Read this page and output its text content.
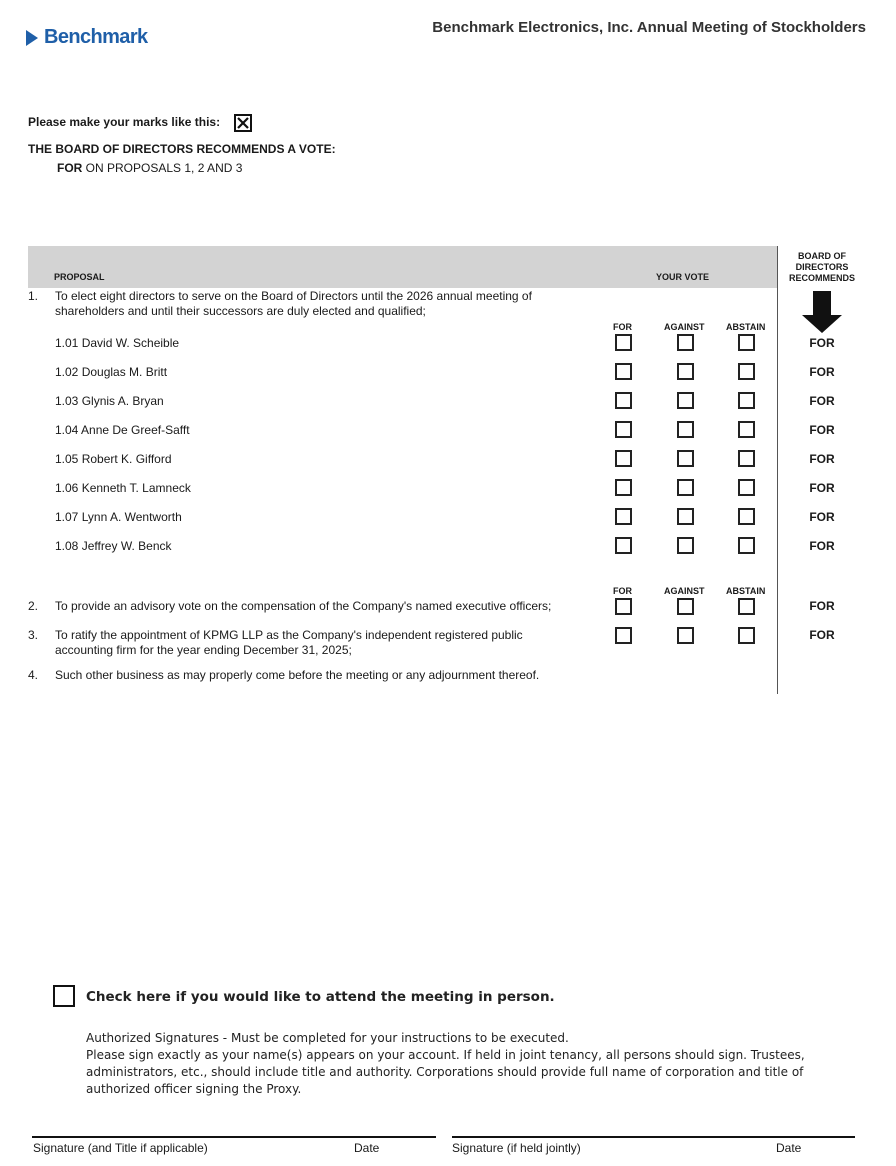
Benchmark	Benchmark Electronics, Inc. Annual Meeting of Stockholders
Please make your marks like this:
THE BOARD OF DIRECTORS RECOMMENDS A VOTE:
FOR ON PROPOSALS 1, 2 AND 3
PROPOSAL	YOUR VOTE
BOARD OF
DIRECTORS
RECOMMENDS
1. To elect eight directors to serve on the Board of Directors until the 2026 annual meeting of
shareholders and until their successors are duly elected and qualified;
FOR	AGAINST ABSTAIN
1.01 David W. Scheible	FOR
1.02 Douglas M. Britt	FOR
1.03 Glynis A. Bryan	FOR
1.04 Anne De Greef-Safft	FOR
1.05 Robert K. Gifford	FOR
1.06 Kenneth T. Lamneck	FOR
1.07 Lynn A. Wentworth	FOR
1.08 Jeffrey W. Benck	FOR
FOR	AGAINST ABSTAIN
2. To provide an advisory vote on the compensation of the Company's named executive officers;	FOR
3. To ratify the appointment of KPMG LLP as the Company's independent registered public
accounting firm for the year ending December 31, 2025;
FOR
4. Such other business as may properly come before the meeting or any adjournment thereof.
Check here if you would like to attend the meeting in person.
Authorized Signatures - Must be completed for your instructions to be executed.
Please sign exactly as your name(s) appears on your account. If held in joint tenancy, all persons should sign. Trustees,
administrators, etc., should include title and authority. Corporations should provide full name of corporation and title of
authorized officer signing the Proxy.
Signature (and Title if applicable)	Date	Signature (if held jointly)	Date
